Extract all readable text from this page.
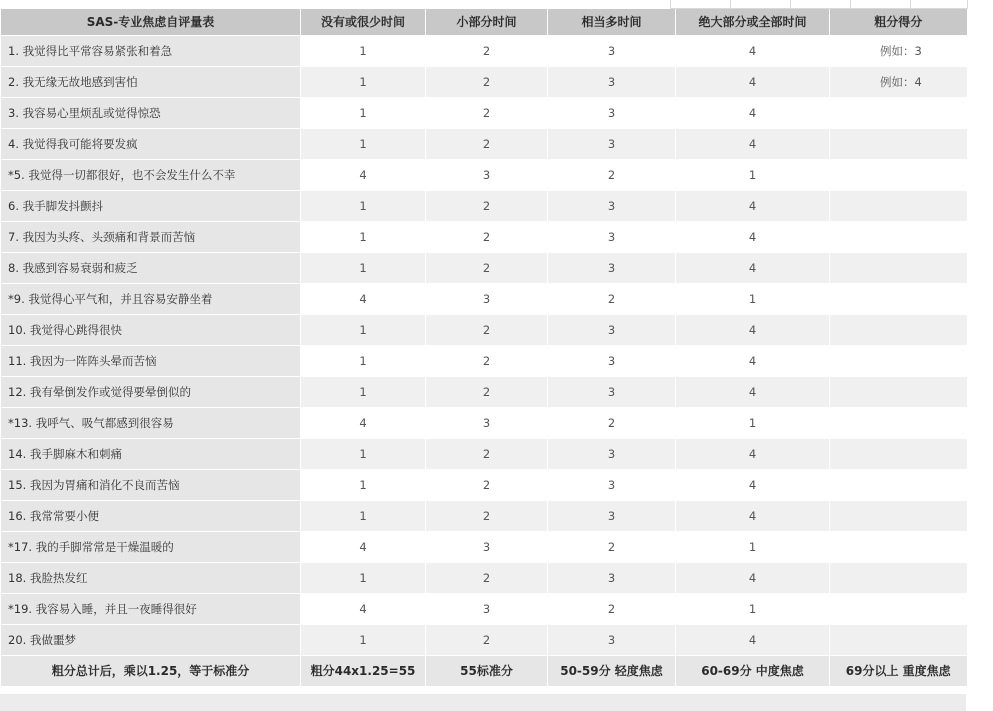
SAS-专业焦虑自评量表	没有或很少时间	小部分时间	相当多时间	绝大部分或全部时间	粗分得分
1. 我觉得比平常容易紧张和着急	1	2	3	4	例如：3
2. 我无缘无故地感到害怕	1	2	3	4	例如：4
3. 我容易心里烦乱或觉得惊恐	1	2	3	4	
4. 我觉得我可能将要发疯	1	2	3	4	
*5. 我觉得一切都很好，也不会发生什么不幸	4	3	2	1	
6. 我手脚发抖颤抖	1	2	3	4	
7. 我因为头疼、头颈痛和背景而苦恼	1	2	3	4	
8. 我感到容易衰弱和疲乏	1	2	3	4	
*9. 我觉得心平气和，并且容易安静坐着	4	3	2	1	
10. 我觉得心跳得很快	1	2	3	4	
11. 我因为一阵阵头晕而苦恼	1	2	3	4	
12. 我有晕倒发作或觉得要晕倒似的	1	2	3	4	
*13. 我呼气、吸气都感到很容易	4	3	2	1	
14. 我手脚麻木和刺痛	1	2	3	4	
15. 我因为胃痛和消化不良而苦恼	1	2	3	4	
16. 我常常要小便	1	2	3	4	
*17. 我的手脚常常是干燥温暖的	4	3	2	1	
18. 我脸热发红	1	2	3	4	
*19. 我容易入睡，并且一夜睡得很好	4	3	2	1	
20. 我做噩梦	1	2	3	4	
粗分总计后，乘以1.25，等于标准分	粗分44x1.25=55	55标准分	50-59分 轻度焦虑	60-69分 中度焦虑	69分以上 重度焦虑
